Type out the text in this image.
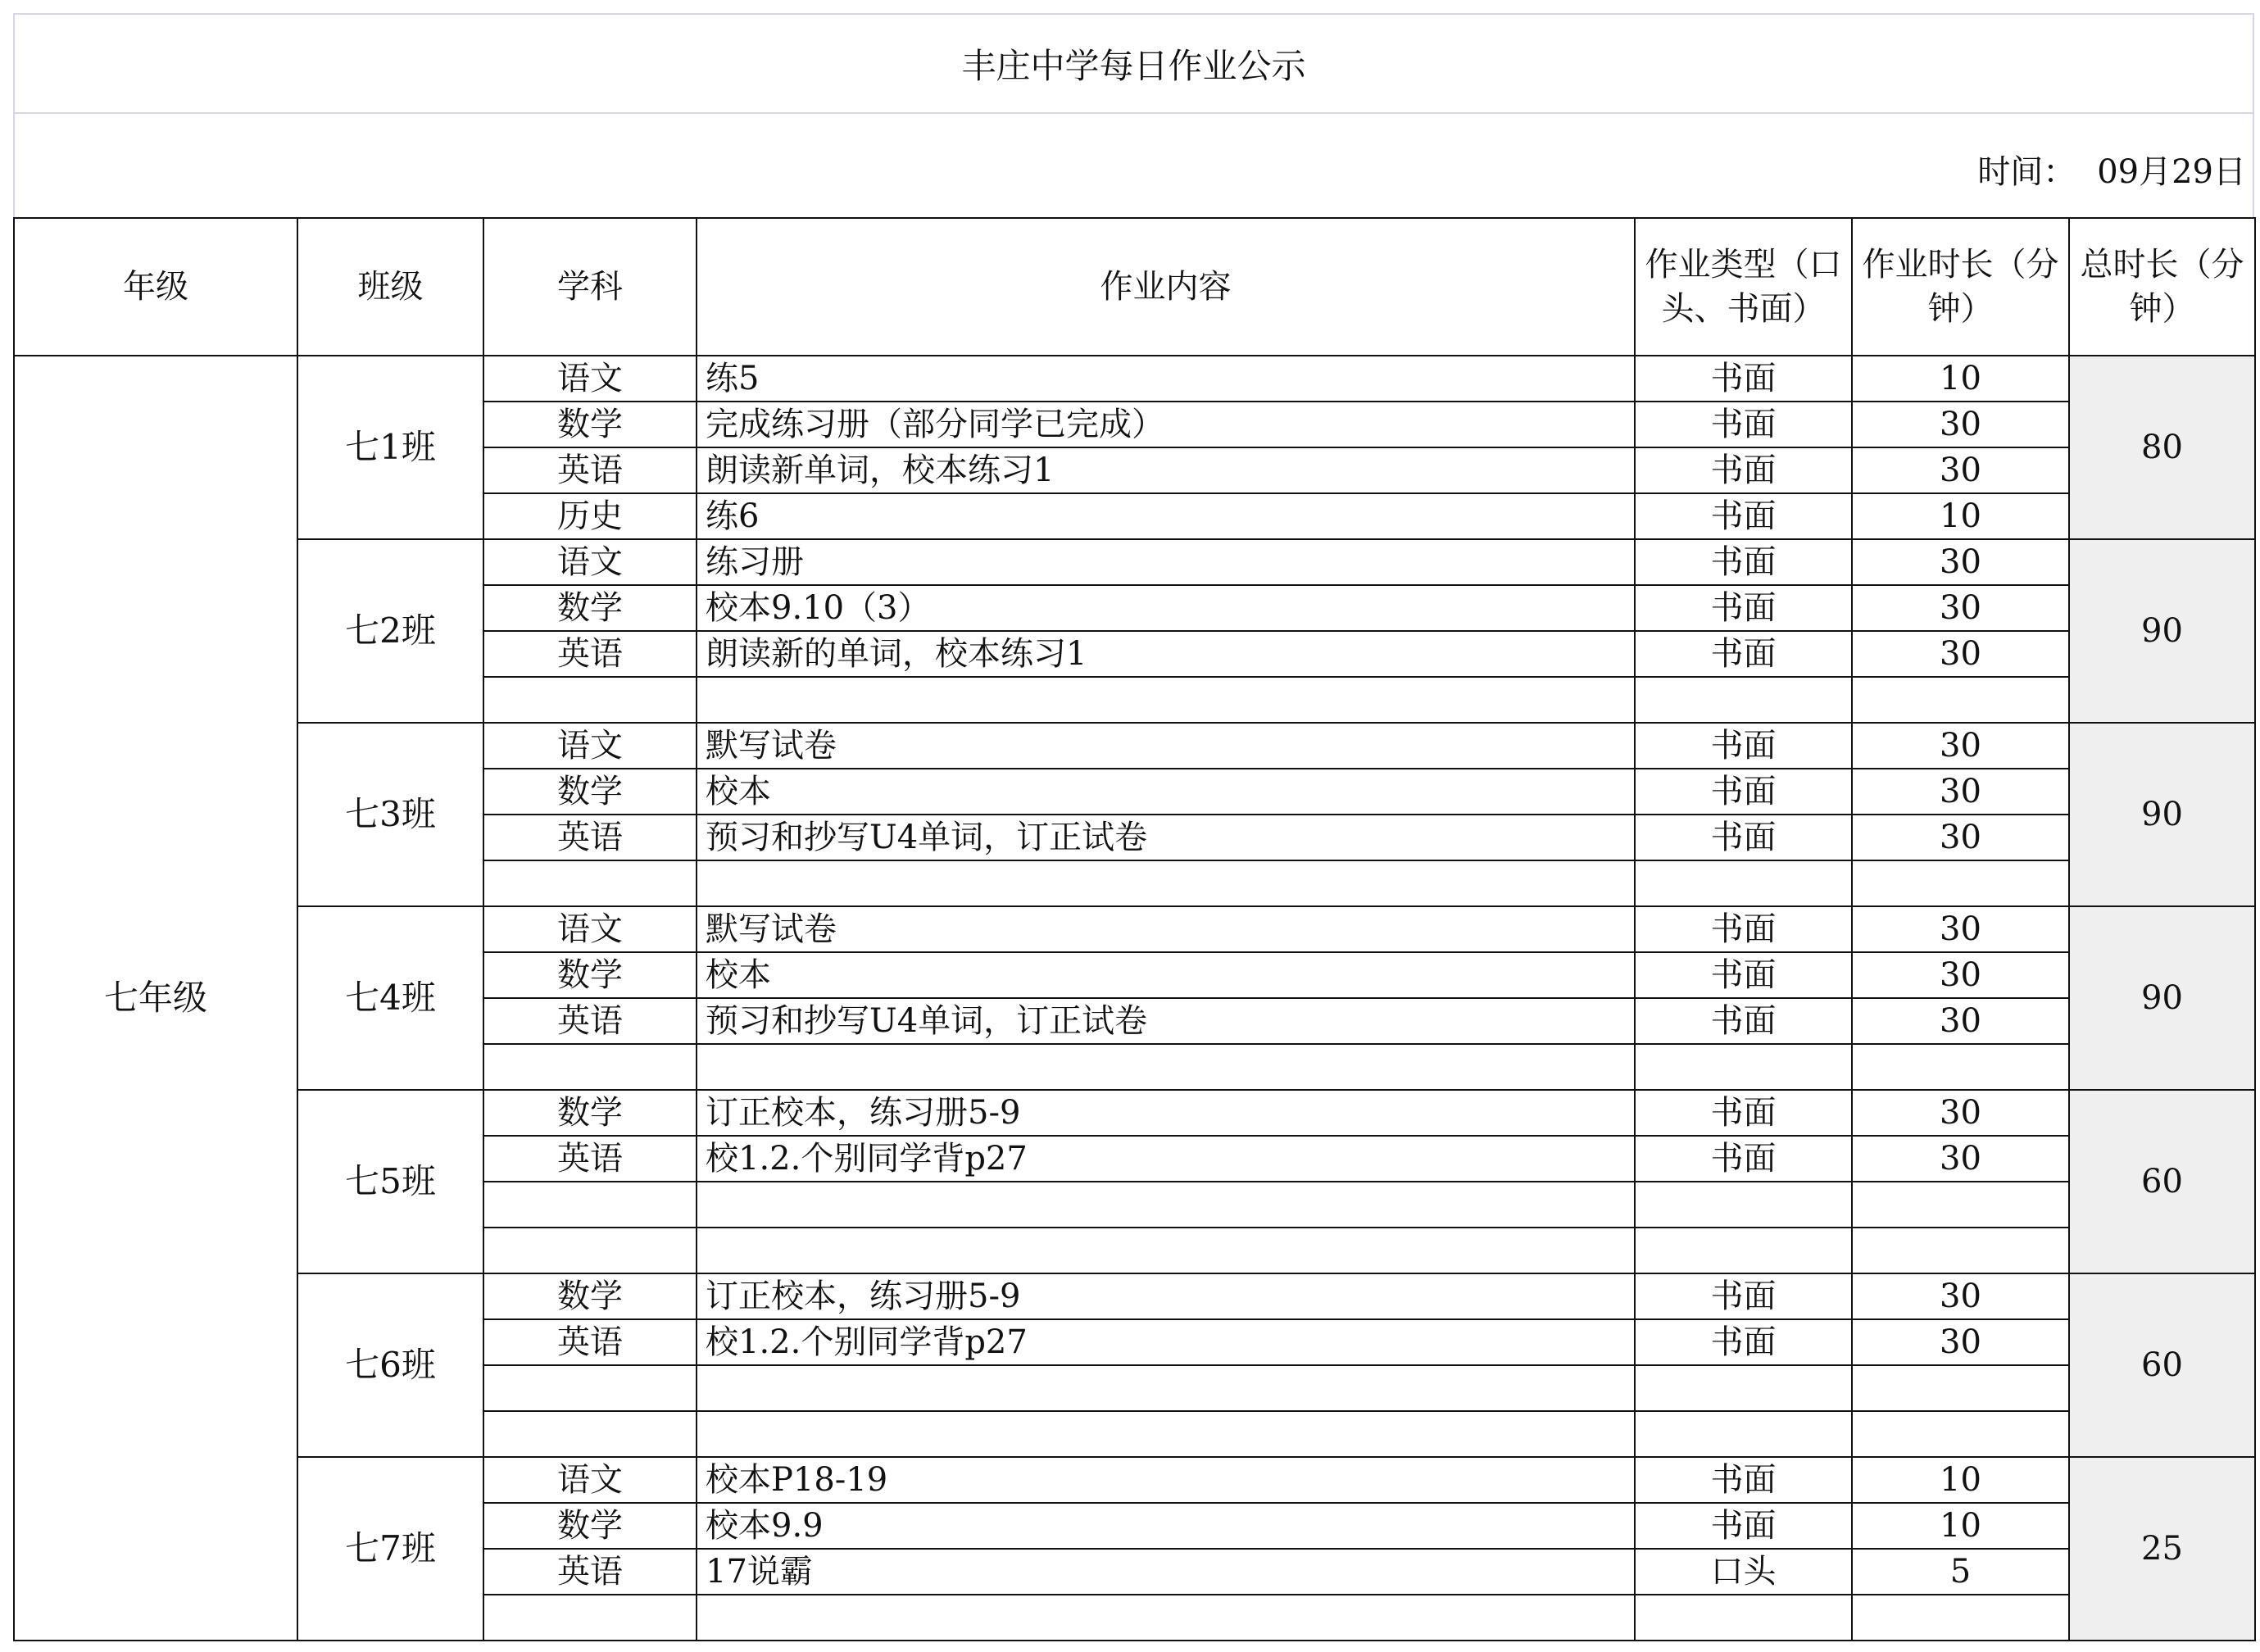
丰庄中学每日作业公示
时间： 09月29日
年级	班级	学科	作业内容	作业类型（口头、书面）	作业时长（分钟）	总时长（分钟）
七年级	七1班	语文	练5	书面	10	80
		数学	完成练习册（部分同学已完成）	书面	30	
		英语	朗读新单词，校本练习1	书面	30	
		历史	练6	书面	10	
	七2班	语文	练习册	书面	30	90
		数学	校本9.10（3）	书面	30	
		英语	朗读新的单词，校本练习1	书面	30	

	七3班	语文	默写试卷	书面	30	90
		数学	校本	书面	30	
		英语	预习和抄写U4单词，订正试卷	书面	30	

	七4班	语文	默写试卷	书面	30	90
		数学	校本	书面	30	
		英语	预习和抄写U4单词，订正试卷	书面	30	

	七5班	数学	订正校本，练习册5-9	书面	30	60
		英语	校1.2.个别同学背p27	书面	30	

	七6班	数学	订正校本，练习册5-9	书面	30	60
		英语	校1.2.个别同学背p27	书面	30	

	七7班	语文	校本P18-19	书面	10	25
		数学	校本9.9	书面	10	
		英语	17说霸	口头	5	
